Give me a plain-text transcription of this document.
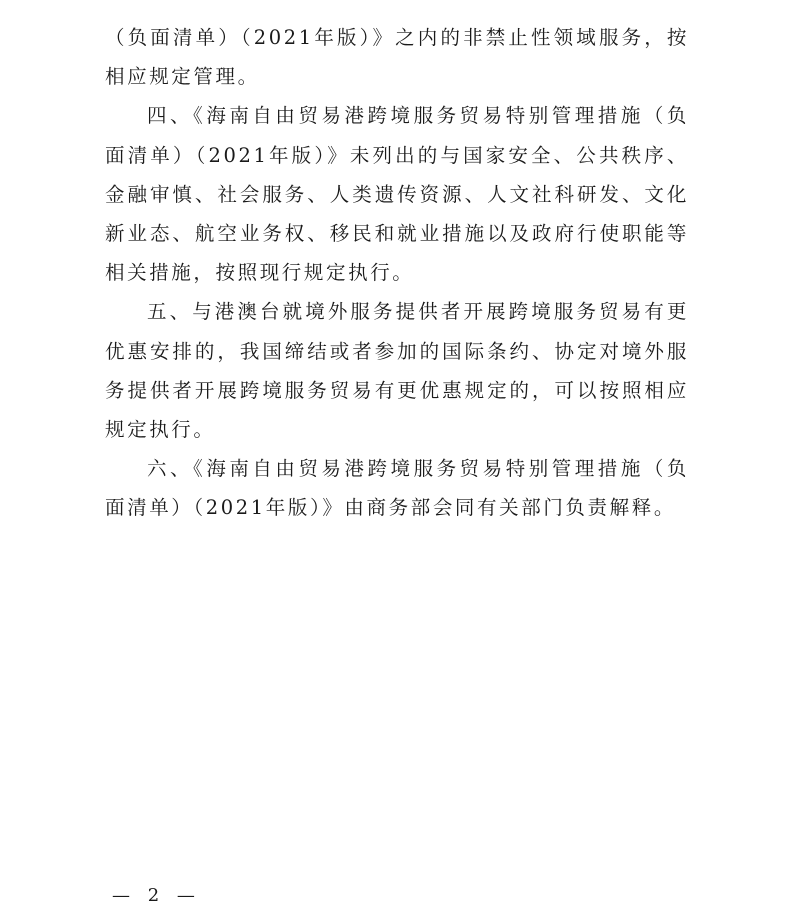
（负面清单）（2021年版）》之内的非禁止性领域服务，按相应规定管理。

四、《海南自由贸易港跨境服务贸易特别管理措施（负面清单）（2021年版）》未列出的与国家安全、公共秩序、金融审慎、社会服务、人类遗传资源、人文社科研发、文化新业态、航空业务权、移民和就业措施以及政府行使职能等相关措施，按照现行规定执行。

五、与港澳台就境外服务提供者开展跨境服务贸易有更优惠安排的，我国缔结或者参加的国际条约、协定对境外服务提供者开展跨境服务贸易有更优惠规定的，可以按照相应规定执行。

六、《海南自由贸易港跨境服务贸易特别管理措施（负面清单）（2021年版）》由商务部会同有关部门负责解释。

— 2 —
